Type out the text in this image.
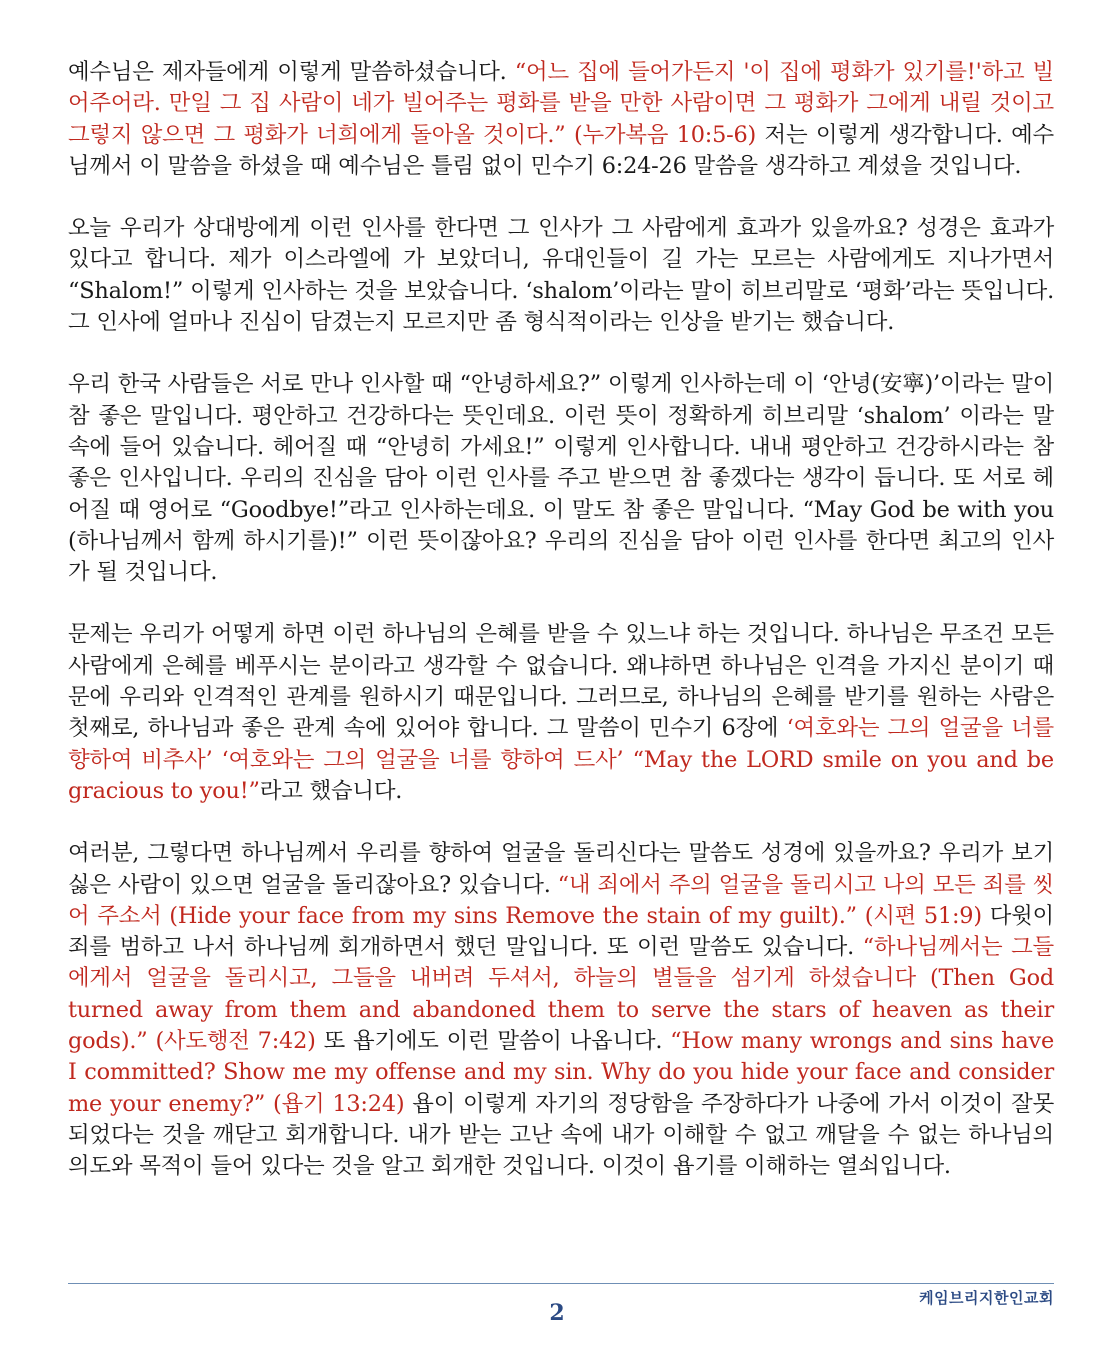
예수님은 제자들에게 이렇게 말씀하셨습니다. “어느 집에 들어가든지 '이 집에 평화가 있기를!'하고 빌어주어라. 만일 그 집 사람이 네가 빌어주는 평화를 받을 만한 사람이면 그 평화가 그에게 내릴 것이고 그렇지 않으면 그 평화가 너희에게 돌아올 것이다.” (누가복음 10:5-6) 저는 이렇게 생각합니다. 예수님께서 이 말씀을 하셨을 때 예수님은 틀림 없이 민수기 6:24-26 말씀을 생각하고 계셨을 것입니다.

오늘 우리가 상대방에게 이런 인사를 한다면 그 인사가 그 사람에게 효과가 있을까요? 성경은 효과가 있다고 합니다. 제가 이스라엘에 가 보았더니, 유대인들이 길 가는 모르는 사람에게도 지나가면서 “Shalom!” 이렇게 인사하는 것을 보았습니다. ‘shalom’이라는 말이 히브리말로 ‘평화’라는 뜻입니다. 그 인사에 얼마나 진심이 담겼는지 모르지만 좀 형식적이라는 인상을 받기는 했습니다.

우리 한국 사람들은 서로 만나 인사할 때 “안녕하세요?” 이렇게 인사하는데 이 ‘안녕(安寧)’이라는 말이 참 좋은 말입니다. 평안하고 건강하다는 뜻인데요. 이런 뜻이 정확하게 히브리말 ‘shalom’ 이라는 말 속에 들어 있습니다. 헤어질 때 “안녕히 가세요!” 이렇게 인사합니다. 내내 평안하고 건강하시라는 참 좋은 인사입니다. 우리의 진심을 담아 이런 인사를 주고 받으면 참 좋겠다는 생각이 듭니다. 또 서로 헤어질 때 영어로 “Goodbye!”라고 인사하는데요. 이 말도 참 좋은 말입니다. “May God be with you (하나님께서 함께 하시기를)!” 이런 뜻이잖아요? 우리의 진심을 담아 이런 인사를 한다면 최고의 인사가 될 것입니다.

문제는 우리가 어떻게 하면 이런 하나님의 은혜를 받을 수 있느냐 하는 것입니다. 하나님은 무조건 모든 사람에게 은혜를 베푸시는 분이라고 생각할 수 없습니다. 왜냐하면 하나님은 인격을 가지신 분이기 때문에 우리와 인격적인 관계를 원하시기 때문입니다. 그러므로, 하나님의 은혜를 받기를 원하는 사람은 첫째로, 하나님과 좋은 관계 속에 있어야 합니다. 그 말씀이 민수기 6장에 ‘여호와는 그의 얼굴을 너를 향하여 비추사’ ‘여호와는 그의 얼굴을 너를 향하여 드사’ “May the LORD smile on you and be gracious to you!”라고 했습니다.

여러분, 그렇다면 하나님께서 우리를 향하여 얼굴을 돌리신다는 말씀도 성경에 있을까요? 우리가 보기 싫은 사람이 있으면 얼굴을 돌리잖아요? 있습니다. “내 죄에서 주의 얼굴을 돌리시고 나의 모든 죄를 씻어 주소서 (Hide your face from my sins Remove the stain of my guilt).” (시편 51:9) 다윗이 죄를 범하고 나서 하나님께 회개하면서 했던 말입니다. 또 이런 말씀도 있습니다. “하나님께서는 그들에게서 얼굴을 돌리시고, 그들을 내버려 두셔서, 하늘의 별들을 섬기게 하셨습니다 (Then God turned away from them and abandoned them to serve the stars of heaven as their gods).” (사도행전 7:42) 또 욥기에도 이런 말씀이 나옵니다. “How many wrongs and sins have I committed? Show me my offense and my sin. Why do you hide your face and consider me your enemy?” (욥기 13:24) 욥이 이렇게 자기의 정당함을 주장하다가 나중에 가서 이것이 잘못되었다는 것을 깨닫고 회개합니다. 내가 받는 고난 속에 내가 이해할 수 없고 깨달을 수 없는 하나님의 의도와 목적이 들어 있다는 것을 알고 회개한 것입니다. 이것이 욥기를 이해하는 열쇠입니다.

케임브리지한인교회
2
